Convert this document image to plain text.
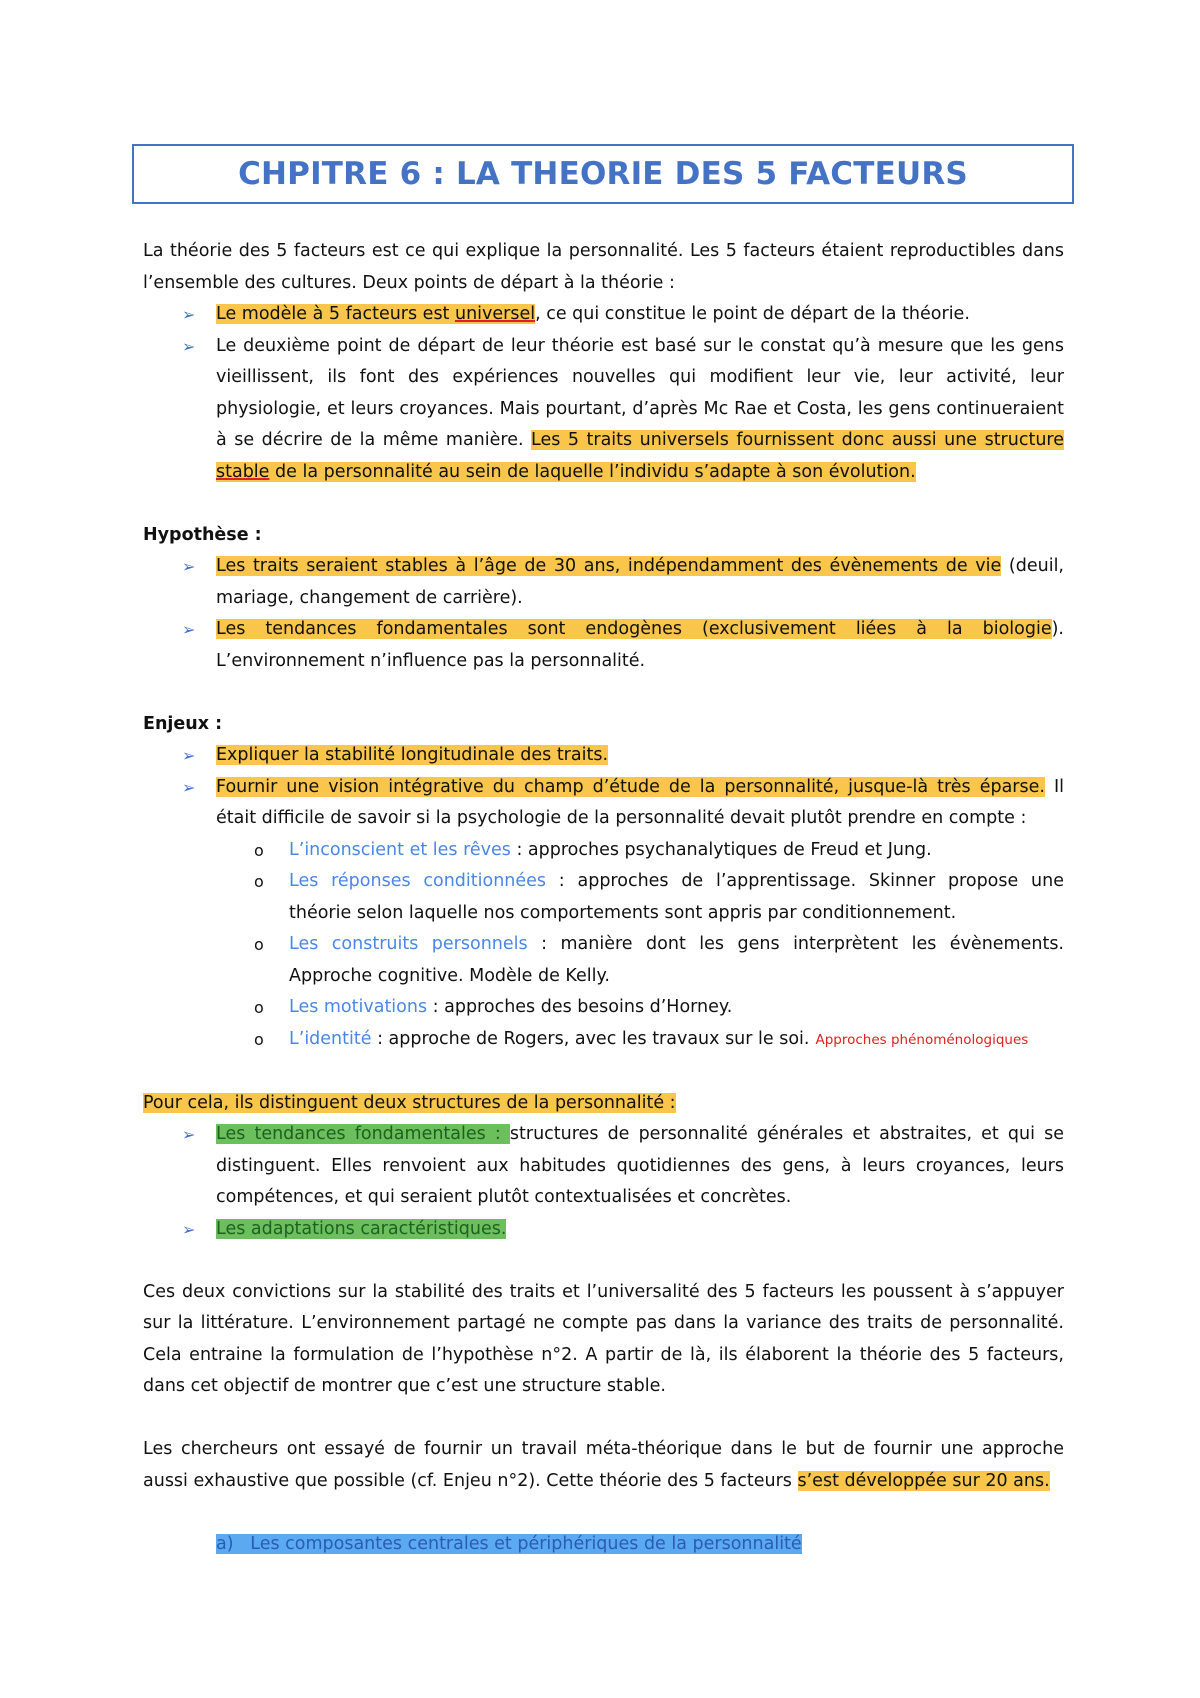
CHPITRE 6 : LA THEORIE DES 5 FACTEURS

La théorie des 5 facteurs est ce qui explique la personnalité. Les 5 facteurs étaient reproductibles dans l’ensemble des cultures. Deux points de départ à la théorie :

➢ Le modèle à 5 facteurs est universel, ce qui constitue le point de départ de la théorie.
➢ Le deuxième point de départ de leur théorie est basé sur le constat qu’à mesure que les gens vieillissent, ils font des expériences nouvelles qui modifient leur vie, leur activité, leur physiologie, et leurs croyances. Mais pourtant, d’après Mc Rae et Costa, les gens continueraient à se décrire de la même manière. Les 5 traits universels fournissent donc aussi une structure stable de la personnalité au sein de laquelle l’individu s’adapte à son évolution.

Hypothèse :

➢ Les traits seraient stables à l’âge de 30 ans, indépendamment des évènements de vie (deuil, mariage, changement de carrière).
➢ Les tendances fondamentales sont endogènes (exclusivement liées à la biologie). L’environnement n’influence pas la personnalité.

Enjeux :

➢ Expliquer la stabilité longitudinale des traits.
➢ Fournir une vision intégrative du champ d’étude de la personnalité, jusque-là très éparse. Il était difficile de savoir si la psychologie de la personnalité devait plutôt prendre en compte :
o L’inconscient et les rêves : approches psychanalytiques de Freud et Jung.
o Les réponses conditionnées : approches de l’apprentissage. Skinner propose une théorie selon laquelle nos comportements sont appris par conditionnement.
o Les construits personnels : manière dont les gens interprètent les évènements. Approche cognitive. Modèle de Kelly.
o Les motivations : approches des besoins d’Horney.
o L’identité : approche de Rogers, avec les travaux sur le soi. Approches phénoménologiques

Pour cela, ils distinguent deux structures de la personnalité :

➢ Les tendances fondamentales : structures de personnalité générales et abstraites, et qui se distinguent. Elles renvoient aux habitudes quotidiennes des gens, à leurs croyances, leurs compétences, et qui seraient plutôt contextualisées et concrètes.
➢ Les adaptations caractéristiques.

Ces deux convictions sur la stabilité des traits et l’universalité des 5 facteurs les poussent à s’appuyer sur la littérature. L’environnement partagé ne compte pas dans la variance des traits de personnalité. Cela entraine la formulation de l’hypothèse n°2. A partir de là, ils élaborent la théorie des 5 facteurs, dans cet objectif de montrer que c’est une structure stable.

Les chercheurs ont essayé de fournir un travail méta-théorique dans le but de fournir une approche aussi exhaustive que possible (cf. Enjeu n°2). Cette théorie des 5 facteurs s’est développée sur 20 ans.

a) Les composantes centrales et périphériques de la personnalité
